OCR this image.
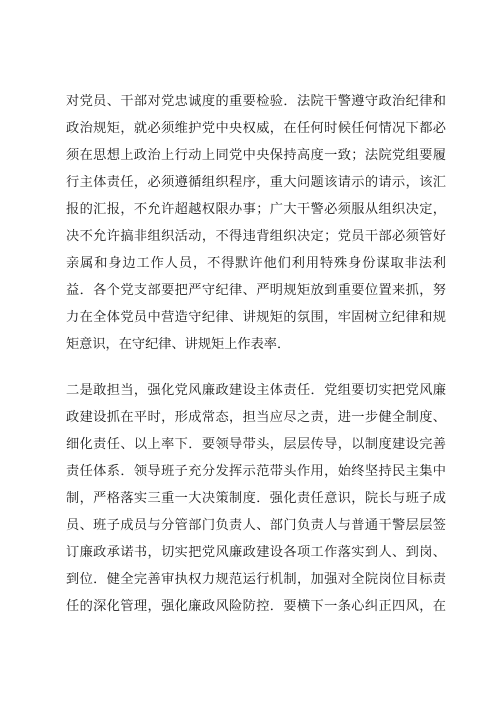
对党员、干部对党忠诚度的重要检验．法院干警遵守政治纪律和
政治规矩，就必须维护党中央权威，在任何时候任何情况下都必
须在思想上政治上行动上同党中央保持高度一致；法院党组要履
行主体责任，必须遵循组织程序，重大问题该请示的请示，该汇
报的汇报，不允许超越权限办事；广大干警必须服从组织决定，
决不允许搞非组织活动，不得违背组织决定；党员干部必须管好
亲属和身边工作人员，不得默许他们利用特殊身份谋取非法利
益．各个党支部要把严守纪律、严明规矩放到重要位置来抓，努
力在全体党员中营造守纪律、讲规矩的氛围，牢固树立纪律和规
矩意识，在守纪律、讲规矩上作表率．
二是敢担当，强化党风廉政建设主体责任．党组要切实把党风廉
政建设抓在平时，形成常态，担当应尽之责，进一步健全制度、
细化责任、以上率下．要领导带头，层层传导，以制度建设完善
责任体系．领导班子充分发挥示范带头作用，始终坚持民主集中
制，严格落实三重一大决策制度．强化责任意识，院长与班子成
员、班子成员与分管部门负责人、部门负责人与普通干警层层签
订廉政承诺书，切实把党风廉政建设各项工作落实到人、到岗、
到位．健全完善审执权力规范运行机制，加强对全院岗位目标责
任的深化管理，强化廉政风险防控．要横下一条心纠正四风，在
